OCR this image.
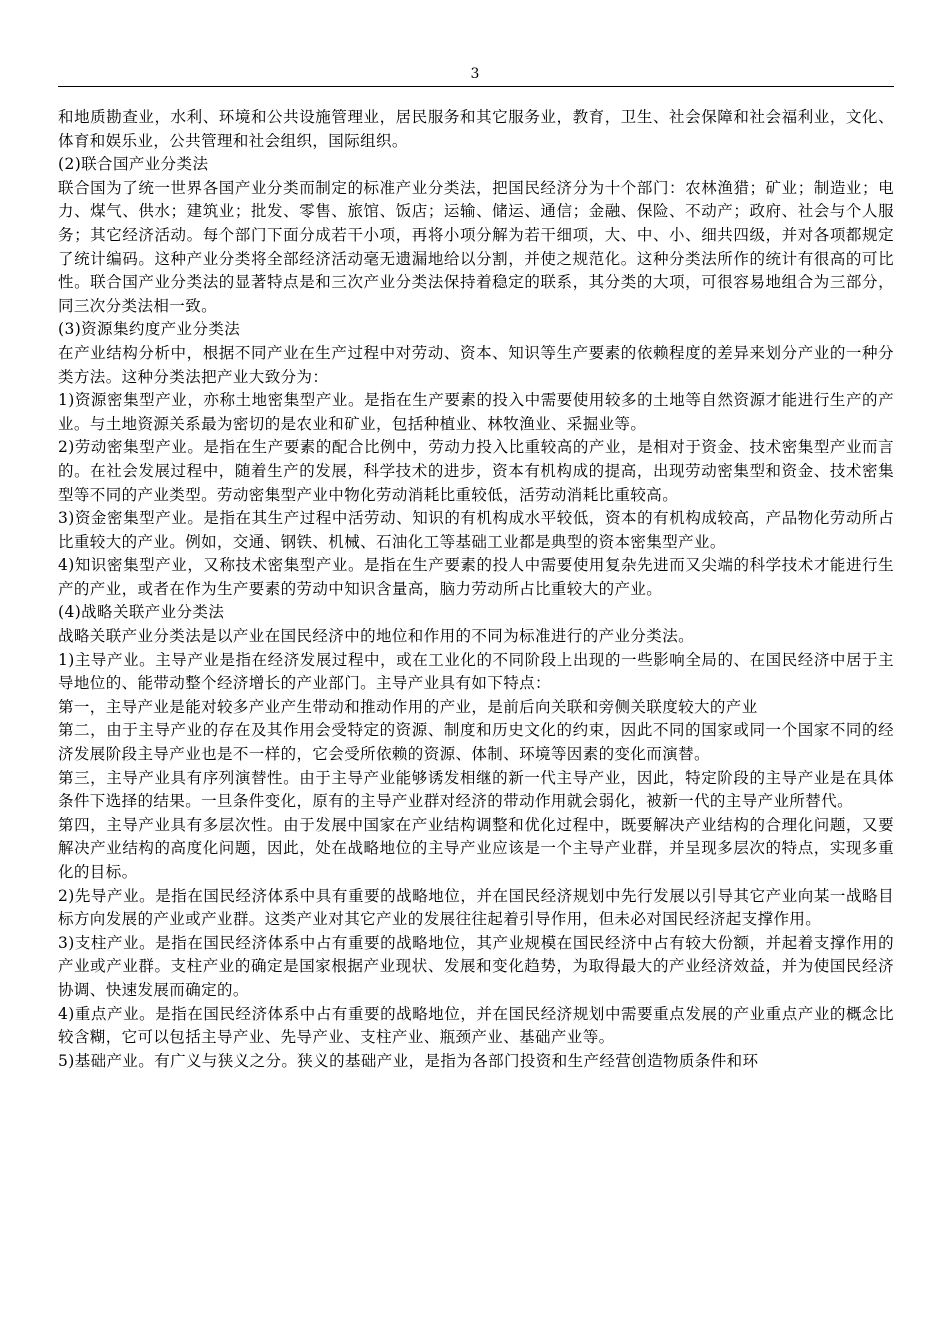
3

和地质勘查业，水利、环境和公共设施管理业，居民服务和其它服务业，教育，卫生、社会保障和社会福利业，文化、体育和娱乐业，公共管理和社会组织，国际组织。

(2)联合国产业分类法

联合国为了统一世界各国产业分类而制定的标准产业分类法，把国民经济分为十个部门：农林渔猎；矿业；制造业；电力、煤气、供水；建筑业；批发、零售、旅馆、饭店；运输、储运、通信；金融、保险、不动产；政府、社会与个人服务；其它经济活动。每个部门下面分成若干小项，再将小项分解为若干细项，大、中、小、细共四级，并对各项都规定了统计编码。这种产业分类将全部经济活动毫无遗漏地给以分割，并使之规范化。这种分类法所作的统计有很高的可比性。联合国产业分类法的显著特点是和三次产业分类法保持着稳定的联系，其分类的大项，可很容易地组合为三部分，同三次分类法相一致。

(3)资源集约度产业分类法

在产业结构分析中，根据不同产业在生产过程中对劳动、资本、知识等生产要素的依赖程度的差异来划分产业的一种分类方法。这种分类法把产业大致分为：

1)资源密集型产业，亦称土地密集型产业。是指在生产要素的投入中需要使用较多的土地等自然资源才能进行生产的产业。与土地资源关系最为密切的是农业和矿业，包括种植业、林牧渔业、采掘业等。

2)劳动密集型产业。是指在生产要素的配合比例中，劳动力投入比重较高的产业，是相对于资金、技术密集型产业而言的。在社会发展过程中，随着生产的发展，科学技术的进步，资本有机构成的提高，出现劳动密集型和资金、技术密集型等不同的产业类型。劳动密集型产业中物化劳动消耗比重较低，活劳动消耗比重较高。

3)资金密集型产业。是指在其生产过程中活劳动、知识的有机构成水平较低，资本的有机构成较高，产品物化劳动所占比重较大的产业。例如，交通、钢铁、机械、石油化工等基础工业都是典型的资本密集型产业。

4)知识密集型产业，又称技术密集型产业。是指在生产要素的投人中需要使用复杂先进而又尖端的科学技术才能进行生产的产业，或者在作为生产要素的劳动中知识含量高，脑力劳动所占比重较大的产业。

(4)战略关联产业分类法

战略关联产业分类法是以产业在国民经济中的地位和作用的不同为标准进行的产业分类法。

1)主导产业。主导产业是指在经济发展过程中，或在工业化的不同阶段上出现的一些影响全局的、在国民经济中居于主导地位的、能带动整个经济增长的产业部门。主导产业具有如下特点：

第一，主导产业是能对较多产业产生带动和推动作用的产业，是前后向关联和旁侧关联度较大的产业

第二，由于主导产业的存在及其作用会受特定的资源、制度和历史文化的约束，因此不同的国家或同一个国家不同的经济发展阶段主导产业也是不一样的，它会受所依赖的资源、体制、环境等因素的变化而演替。

第三，主导产业具有序列演替性。由于主导产业能够诱发相继的新一代主导产业，因此，特定阶段的主导产业是在具体条件下选择的结果。一旦条件变化，原有的主导产业群对经济的带动作用就会弱化，被新一代的主导产业所替代。

第四，主导产业具有多层次性。由于发展中国家在产业结构调整和优化过程中，既要解决产业结构的合理化问题，又要解决产业结构的高度化问题，因此，处在战略地位的主导产业应该是一个主导产业群，并呈现多层次的特点，实现多重化的目标。

2)先导产业。是指在国民经济体系中具有重要的战略地位，并在国民经济规划中先行发展以引导其它产业向某一战略目标方向发展的产业或产业群。这类产业对其它产业的发展往往起着引导作用，但未必对国民经济起支撑作用。

3)支柱产业。是指在国民经济体系中占有重要的战略地位，其产业规模在国民经济中占有较大份额，并起着支撑作用的产业或产业群。支柱产业的确定是国家根据产业现状、发展和变化趋势，为取得最大的产业经济效益，并为使国民经济协调、快速发展而确定的。

4)重点产业。是指在国民经济体系中占有重要的战略地位，并在国民经济规划中需要重点发展的产业重点产业的概念比较含糊，它可以包括主导产业、先导产业、支柱产业、瓶颈产业、基础产业等。

5)基础产业。有广义与狭义之分。狭义的基础产业，是指为各部门投资和生产经营创造物质条件和环
